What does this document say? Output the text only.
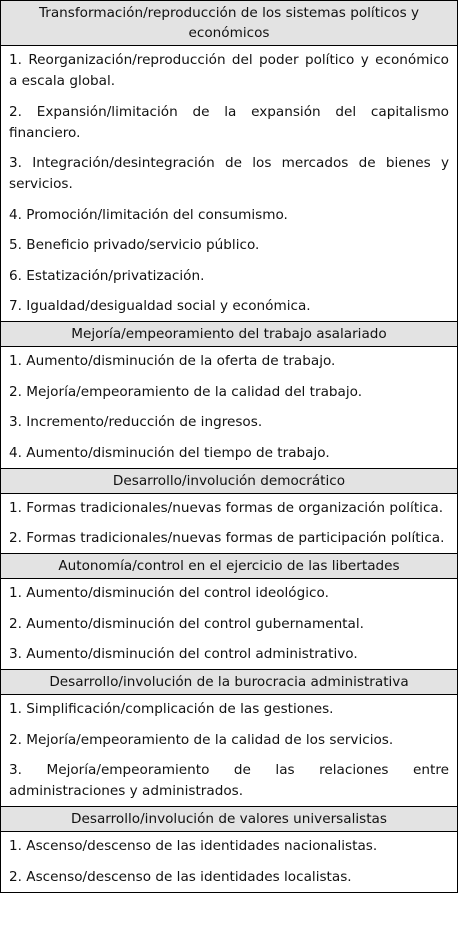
Transformación/reproducción de los sistemas políticos y económicos
1. Reorganización/reproducción del poder político y económico a escala global.
2. Expansión/limitación de la expansión del capitalismo financiero.
3. Integración/desintegración de los mercados de bienes y servicios.
4. Promoción/limitación del consumismo.
5. Beneficio privado/servicio público.
6. Estatización/privatización.
7. Igualdad/desigualdad social y económica.
Mejoría/empeoramiento del trabajo asalariado
1. Aumento/disminución de la oferta de trabajo.
2. Mejoría/empeoramiento de la calidad del trabajo.
3. Incremento/reducción de ingresos.
4. Aumento/disminución del tiempo de trabajo.
Desarrollo/involución democrático
1. Formas tradicionales/nuevas formas de organización política.
2. Formas tradicionales/nuevas formas de participación política.
Autonomía/control en el ejercicio de las libertades
1. Aumento/disminución del control ideológico.
2. Aumento/disminución del control gubernamental.
3. Aumento/disminución del control administrativo.
Desarrollo/involución de la burocracia administrativa
1. Simplificación/complicación de las gestiones.
2. Mejoría/empeoramiento de la calidad de los servicios.
3. Mejoría/empeoramiento de las relaciones entre administraciones y administrados.
Desarrollo/involución de valores universalistas
1. Ascenso/descenso de las identidades nacionalistas.
2. Ascenso/descenso de las identidades localistas.
